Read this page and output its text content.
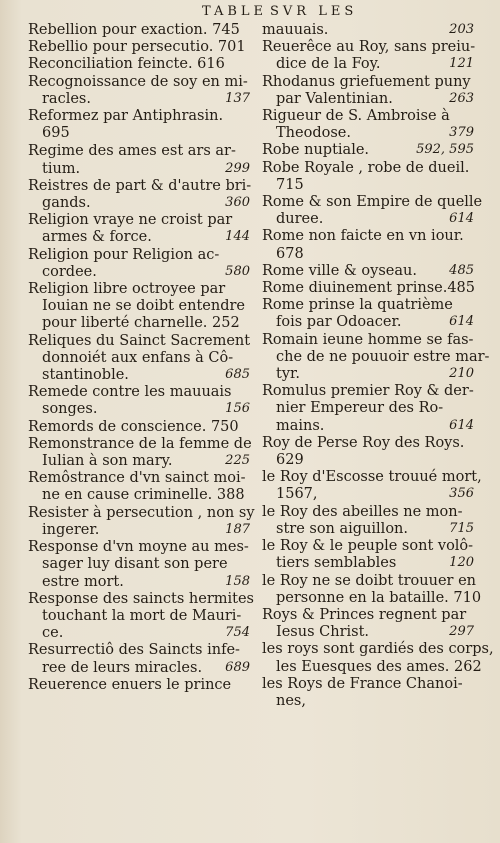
TABLE SVR LES
Rebellion pour exaction. 745
Rebellio pour persecutio. 701
Reconciliation feincte. 616
Recognoissance de soy en mi-
racles.	137
Reformez par Antiphrasin.
695
Regime des ames est ars ar-
tium.	299
Reistres de part & d'autre bri-
gands.	360
Religion vraye ne croist par
armes & force.	144
Religion pour Religion ac-
cordee.	580
Religion libre octroyee par
Iouian ne se doibt entendre
pour liberté charnelle. 252
Reliques du Sainct Sacrement
donnoiét aux enfans à Cô-
stantinoble.	685
Remede contre les mauuais
songes.	156
Remords de conscience. 750
Remonstrance de la femme de
Iulian à son mary.	225
Remôstrance d'vn sainct moi-
ne en cause criminelle. 388
Resister à persecution , non sy
ingerer.	187
Response d'vn moyne au mes-
sager luy disant son pere
estre mort.	158
Response des saincts hermites
touchant la mort de Mauri-
ce.	754
Resurrectiô des Saincts infe-
ree de leurs miracles.	689
Reuerence enuers le prince
mauuais.	203
Reuerêce au Roy, sans preiu-
dice de la Foy.	121
Rhodanus griefuement puny
par Valentinian.	263
Rigueur de S. Ambroise à
Theodose.	379
Robe nuptiale.	592, 595
Robe Royale , robe de dueil.
715
Rome & son Empire de quelle
duree.	614
Rome non faicte en vn iour.
678
Rome ville & oyseau.	485
Rome diuinement prinse.485
Rome prinse la quatrième
fois par Odoacer.	614
Romain ieune homme se fas-
che de ne pouuoir estre mar-
tyr.	210
Romulus premier Roy & der-
nier Empereur des Ro-
mains.	614
Roy de Perse Roy des Roys.
629
le Roy d'Escosse trouué mort,
1567,	356
le Roy des abeilles ne mon-
stre son aiguillon.	715
le Roy & le peuple sont volô-
tiers semblables	120
le Roy ne se doibt trouuer en
personne en la bataille. 710
Roys & Princes regnent par
Iesus Christ.	297
les roys sont gardiés des corps,
les Euesques des ames. 262
les Roys de France Chanoi-
nes,
